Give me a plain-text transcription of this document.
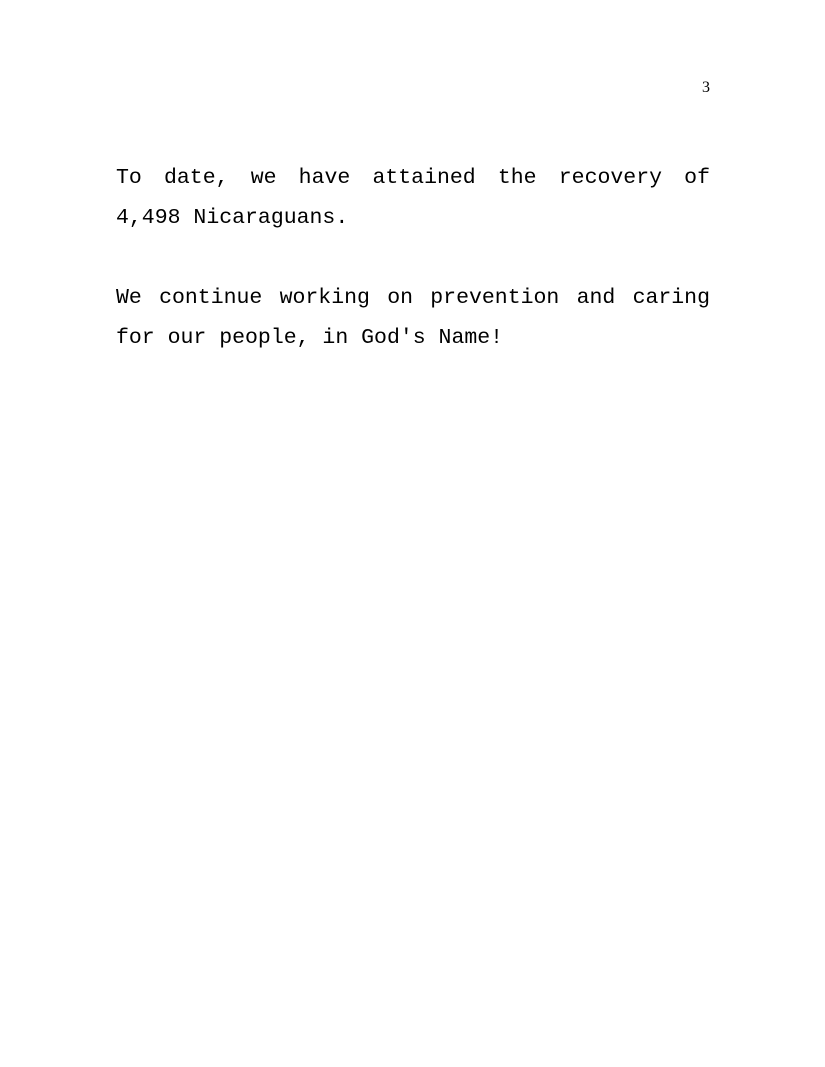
3

To date, we have attained the recovery of 4,498 Nicaraguans.

We continue working on prevention and caring for our people, in God's Name!
